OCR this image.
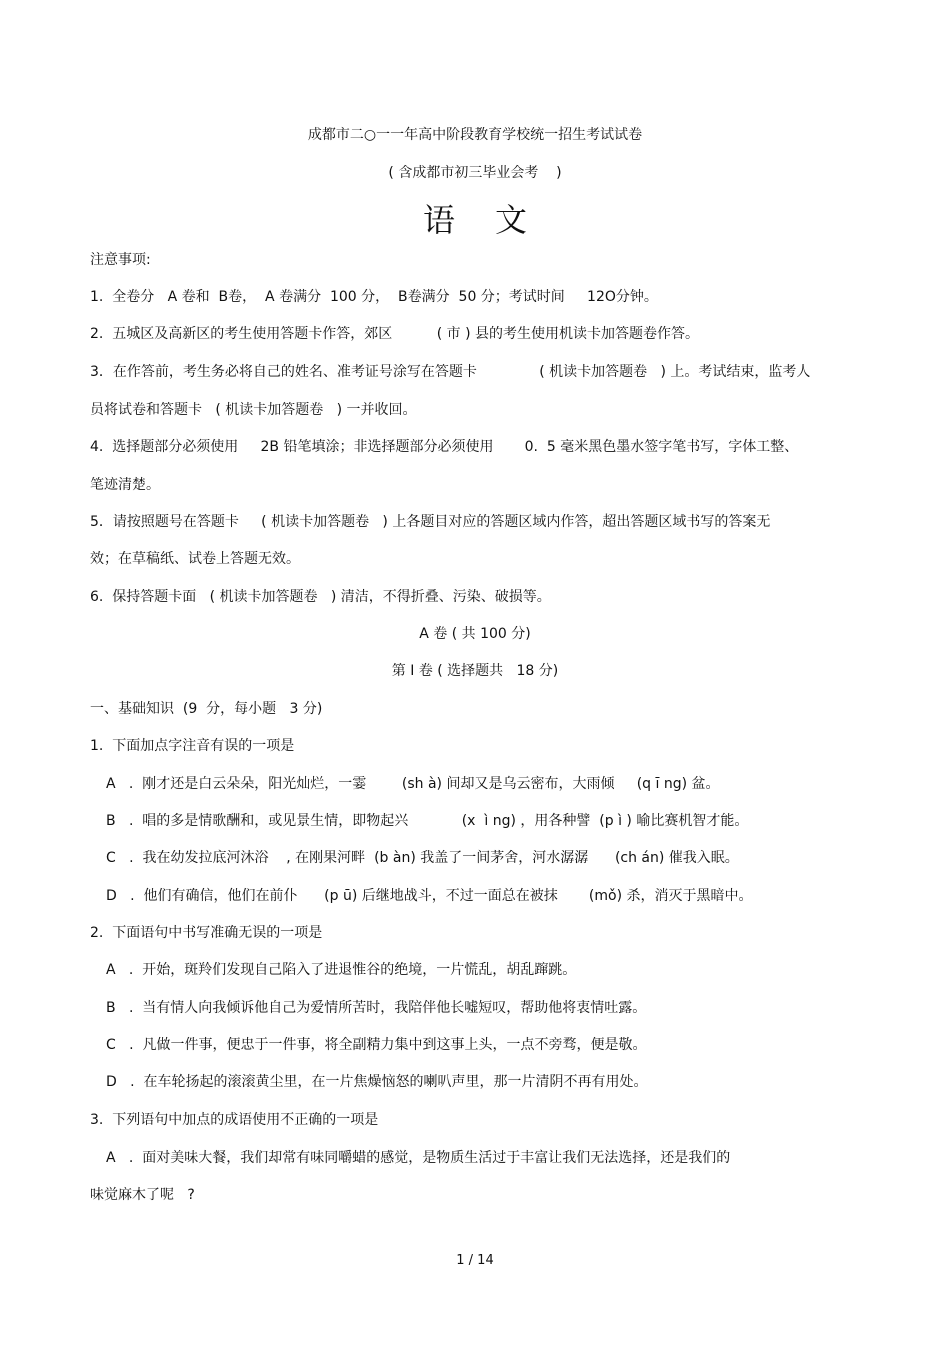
成都市二○一一年高中阶段教育学校统一招生考试试卷
( 含成都市初三毕业会考    )
语文
注意事项:
1.  全卷分   A 卷和  B卷，  A 卷满分  100 分，  B卷满分  50 分；考试时间     12O分钟。
2.  五城区及高新区的考生使用答题卡作答，郊区          ( 市 ) 县的考生使用机读卡加答题卷作答。
3．在作答前，考生务必将自己的姓名、准考证号涂写在答题卡              ( 机读卡加答题卷   ) 上。考试结束，监考人
员将试卷和答题卡   ( 机读卡加答题卷   ) 一并收回。
4.  选择题部分必须使用     2B 铅笔填涂；非选择题部分必须使用       0.  5 毫米黑色墨水签字笔书写，字体工整、
笔迹清楚。
5．请按照题号在答题卡     ( 机读卡加答题卷   ) 上各题目对应的答题区域内作答，超出答题区域书写的答案无
效；在草稿纸、试卷上答题无效。
6.  保持答题卡面   ( 机读卡加答题卷   ) 清洁，不得折叠、污染、破损等。
A 卷 ( 共 100 分)
第 Ⅰ 卷 ( 选择题共   18 分)
一、基础知识  (9  分，每小题   3 分)
1.  下面加点字注音有误的一项是
A   .  刚才还是白云朵朵，阳光灿烂，一霎        (sh à) 间却又是乌云密布，大雨倾     (q ī ng) 盆。
B   .  唱的多是情歌酬和，或见景生情，即物起兴            (x  ì ng) ，用各种譬  (p ì ) 喻比赛机智才能。
C   .  我在幼发拉底河沐浴    , 在刚果河畔  (b àn) 我盖了一间茅舍，河水潺潺      (ch án) 催我入眠。
D   .  他们有确信，他们在前仆      (p ū) 后继地战斗，不过一面总在被抹       (mǒ) 杀，消灭于黑暗中。
2.  下面语句中书写准确无误的一项是
A   .  开始，斑羚们发现自己陷入了进退惟谷的绝境，一片慌乱，胡乱蹿跳。
B   .  当有情人向我倾诉他自己为爱情所苦时，我陪伴他长嘘短叹，帮助他将衷情吐露。
C   .  凡做一件事，便忠于一件事，将全副精力集中到这事上头，一点不旁骛，便是敬。
D   .  在车轮扬起的滚滚黄尘里，在一片焦燥恼怒的喇叭声里，那一片清阴不再有用处。
3.  下列语句中加点的成语使用不正确的一项是
A   .  面对美味大餐，我们却常有味同嚼蜡的感觉，是物质生活过于丰富让我们无法选择，还是我们的
味觉麻木了呢   ?
1 / 14
